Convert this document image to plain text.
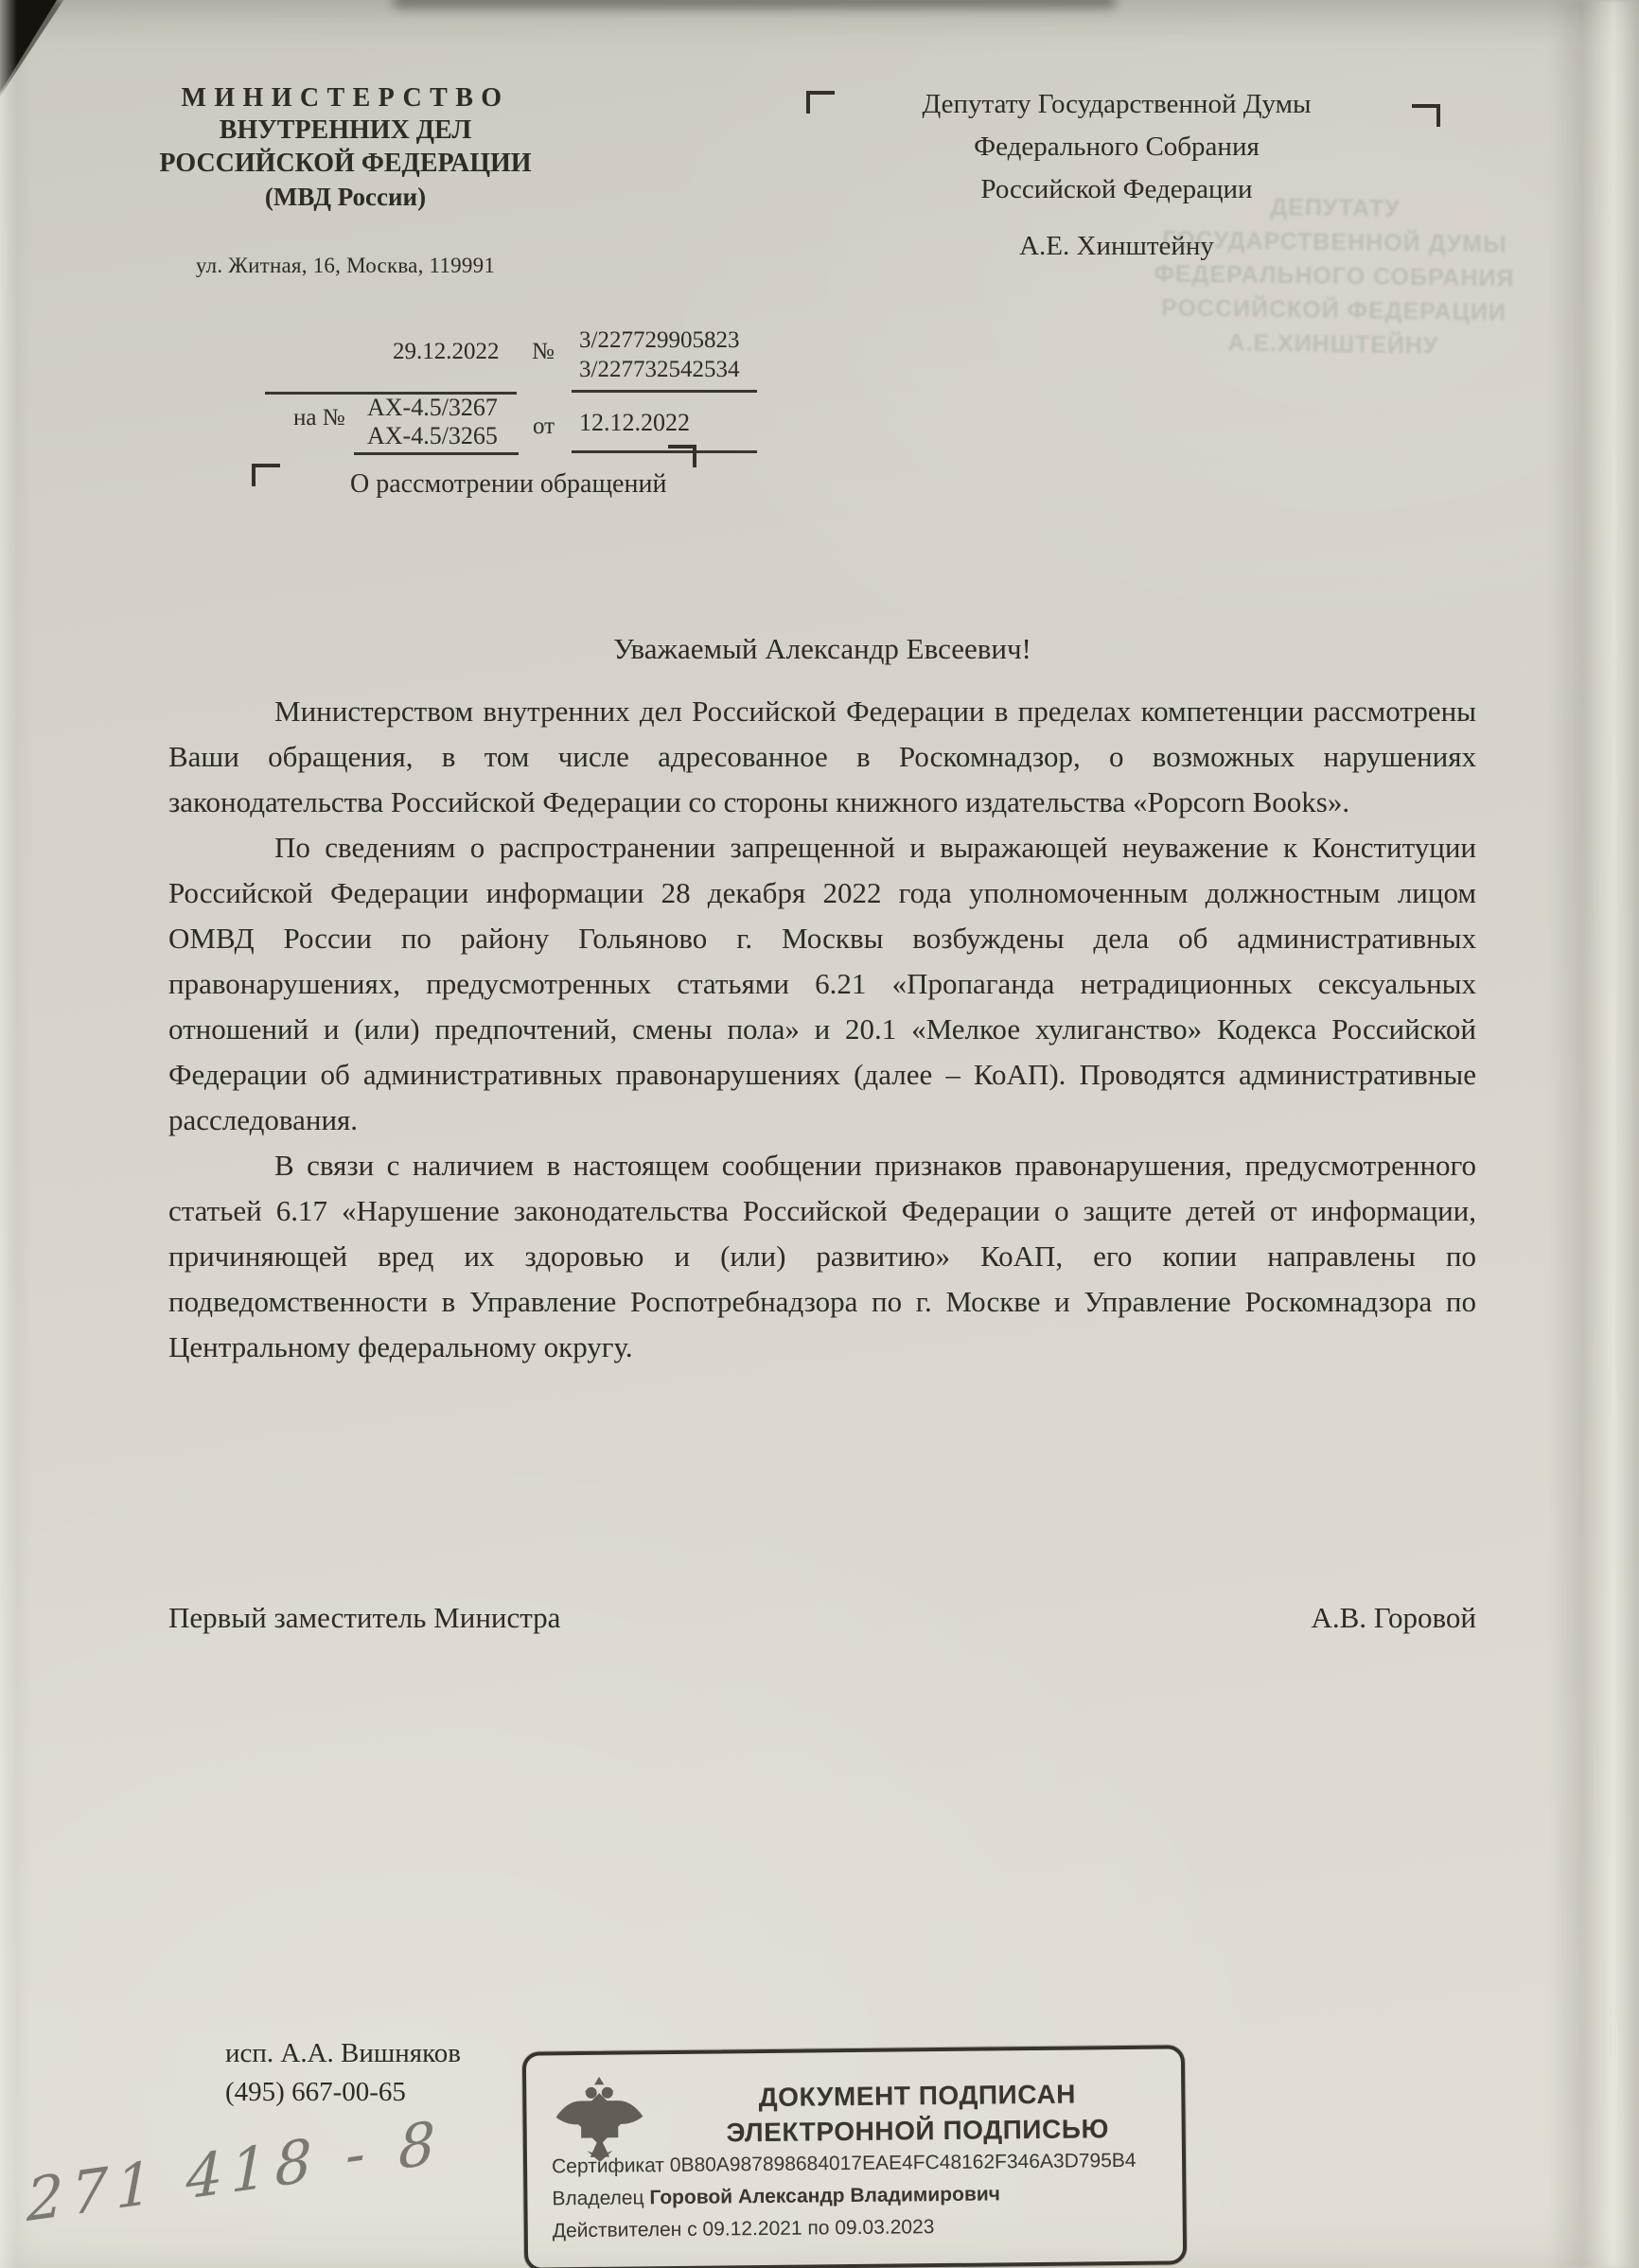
МИНИСТЕРСТВО
ВНУТРЕННИХ ДЕЛ
РОССИЙСКОЙ ФЕДЕРАЦИИ
(МВД России)
ул. Житная, 16, Москва, 119991
29.12.2022 № 3/227729905823
3/227732542534
на № АХ-4.5/3267
АХ-4.5/3265 от 12.12.2022
О рассмотрении обращений
Депутату Государственной Думы
Федерального Собрания
Российской Федерации
А.Е. Хинштейну
ДЕПУТАТУ
ГОСУДАРСТВЕННОЙ ДУМЫ
ФЕДЕРАЛЬНОГО СОБРАНИЯ
РОССИЙСКОЙ ФЕДЕРАЦИИ
А.Е.ХИНШТЕЙНУ

Уважаемый Александр Евсеевич!

Министерством внутренних дел Российской Федерации в пределах компетенции рассмотрены Ваши обращения, в том числе адресованное в Роскомнадзор, о возможных нарушениях законодательства Российской Федерации со стороны книжного издательства «Popcorn Books».

По сведениям о распространении запрещенной и выражающей неуважение к Конституции Российской Федерации информации 28 декабря 2022 года уполномоченным должностным лицом ОМВД России по району Гольяново г. Москвы возбуждены дела об административных правонарушениях, предусмотренных статьями 6.21 «Пропаганда нетрадиционных сексуальных отношений и (или) предпочтений, смены пола» и 20.1 «Мелкое хулиганство» Кодекса Российской Федерации об административных правонарушениях (далее – КоАП). Проводятся административные расследования.

В связи с наличием в настоящем сообщении признаков правонарушения, предусмотренного статьей 6.17 «Нарушение законодательства Российской Федерации о защите детей от информации, причиняющей вред их здоровью и (или) развитию» КоАП, его копии направлены по подведомственности в Управление Роспотребнадзора по г. Москве и Управление Роскомнадзора по Центральному федеральному округу.

Первый заместитель Министра	А.В. Горовой
исп. А.А. Вишняков
(495) 667-00-65	ДОКУМЕНТ ПОДПИСАН
ЭЛЕКТРОННОЙ ПОДПИСЬЮ
Сертификат 0B80A987898684017EAE4FC48162F346A3D795B4
Владелец Горовой Александр Владимирович
Действителен с 09.12.2021 по 09.03.2023
271 418 - 8
